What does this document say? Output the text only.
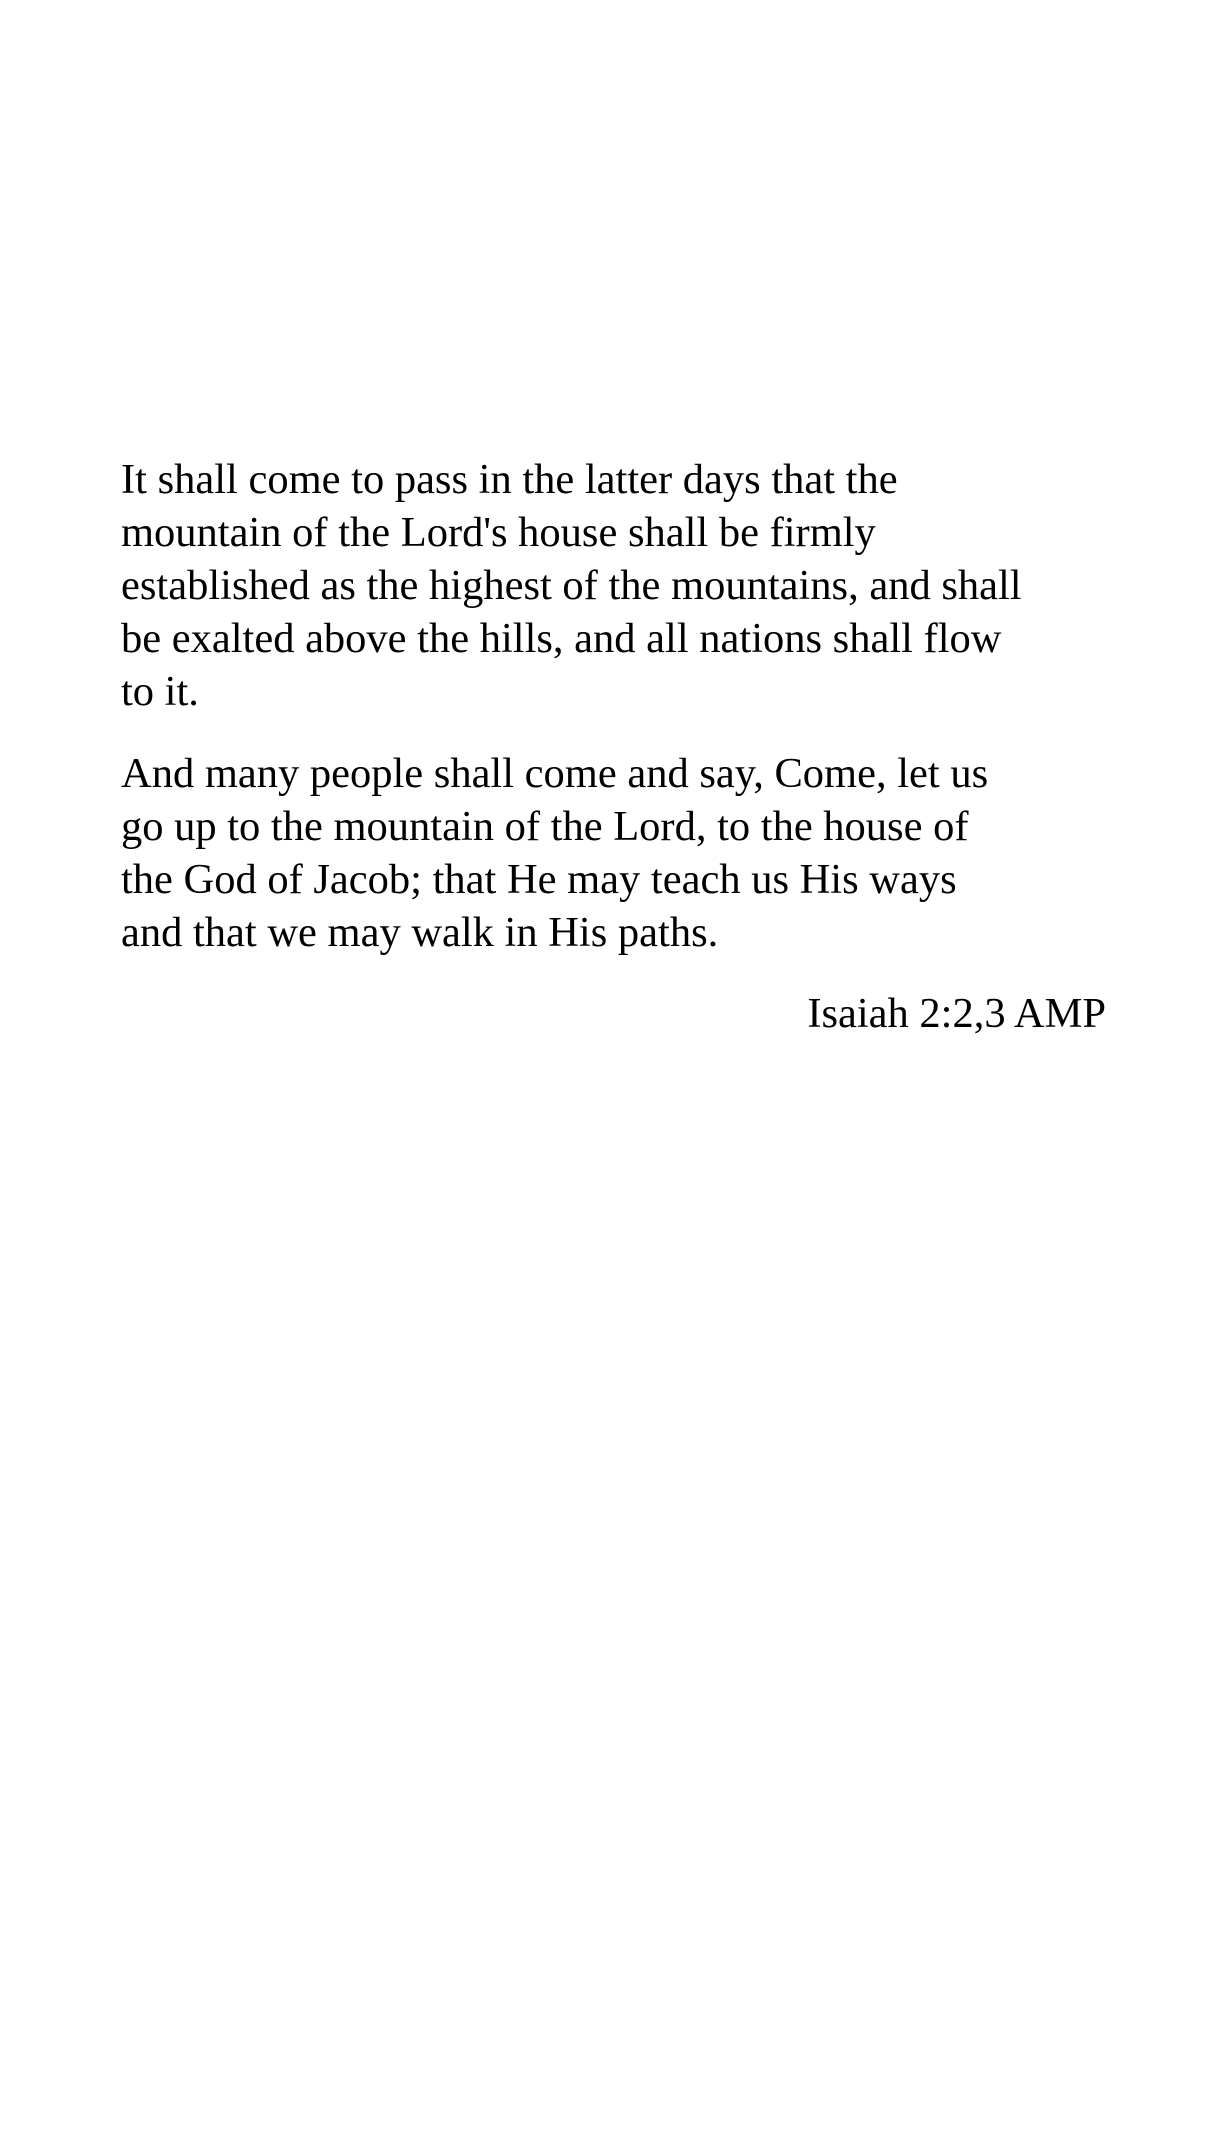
It shall come to pass in the latter days that the
mountain of the Lord's house shall be firmly
established as the highest of the mountains, and shall
be exalted above the hills, and all nations shall flow
to it.

And many people shall come and say, Come, let us
go up to the mountain of the Lord, to the house of
the God of Jacob; that He may teach us His ways
and that we may walk in His paths.

Isaiah 2:2,3 AMP
